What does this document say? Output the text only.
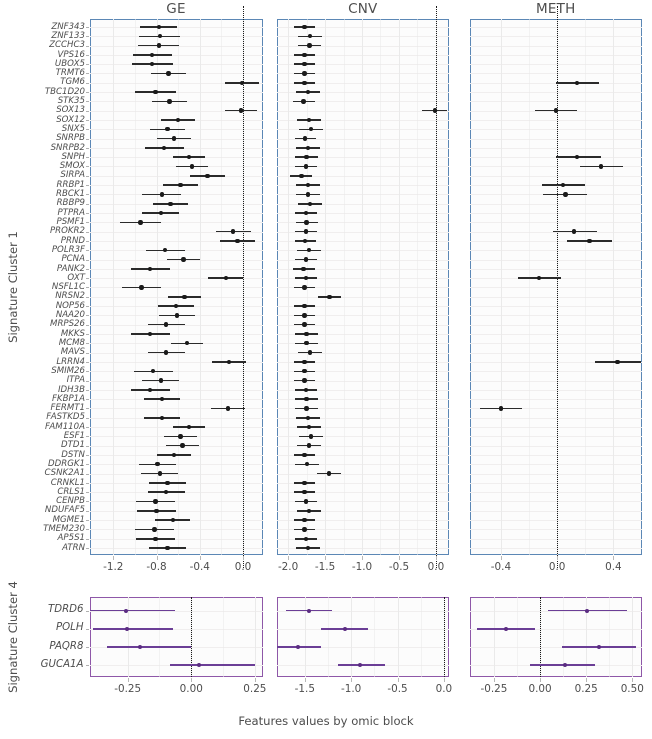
GE	CNV	METH
-1.2	-0.8	-0.4	0.0	-2.0	-1.5	-1.0	-0.5	0.0	-0.4	0.0	0.4
ZNF343
ZNF133
ZCCHC3
VPS16
UBOX5
TRMT6
TGM6
TBC1D20
STK35
SOX13
SOX12
SNX5
SNRPB
SNRPB2
SNPH
SMOX
SIRPA
RRBP1
RBCK1
RBBP9
PTPRA
PSMF1
PROKR2
PRND
POLR3F
PCNA
PANK2
OXT
NSFL1C
NRSN2
NOP56
NAA20
MRPS26
MKKS
MCM8
MAVS
LRRN4
SMIM26
ITPA
IDH3B
FKBP1A
FERMT1
FASTKD5
FAM110A
ESF1
DTD1
DSTN
DDRGK1
CSNK2A1
CRNKL1
CRLS1
CENPB
NDUFAF5
MGME1
TMEM230
AP5S1
ATRN
-0.25	0.00	0.25	-1.5	-1.0	-0.5	0.0	-0.25	0.00	0.25	0.50
TDRD6
POLH
PAQR8
GUCA1A
Features values by omic block
Signature Cluster 1
Signature Cluster 4
